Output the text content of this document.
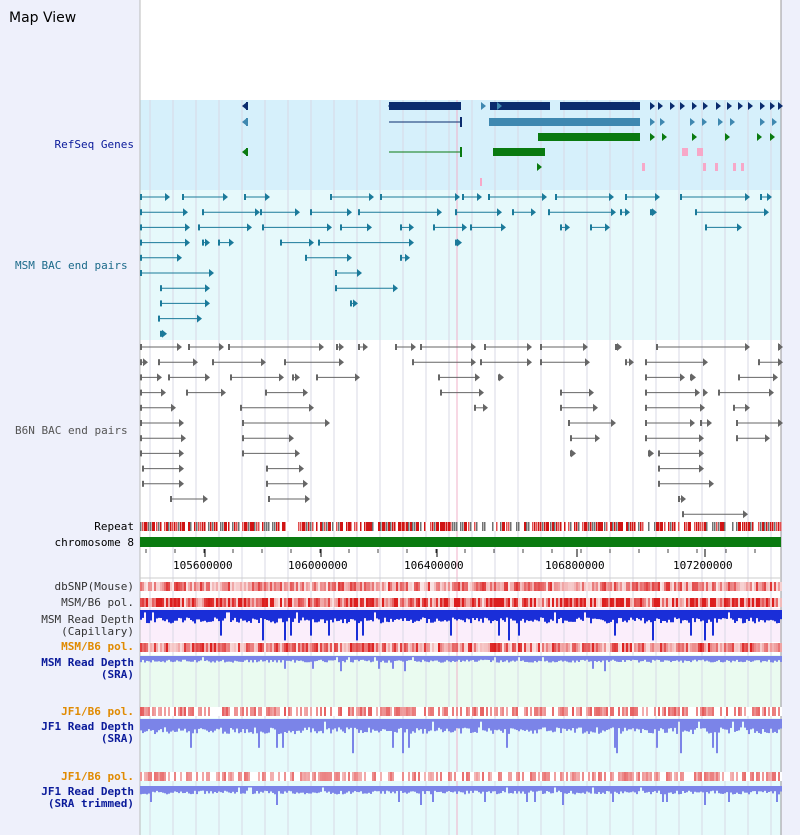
Map View
RefSeq Genes
MSM BAC end pairs
B6N BAC end pairs
Repeat
chromosome 8
dbSNP(Mouse)
MSM/B6 pol.
MSM Read Depth
(Capillary)
MSM/B6 pol.
MSM Read Depth
(SRA)
JF1/B6 pol.
JF1 Read Depth
(SRA)
JF1/B6 pol.
JF1 Read Depth
(SRA trimmed)
105600000	106000000	106400000	106800000	107200000
